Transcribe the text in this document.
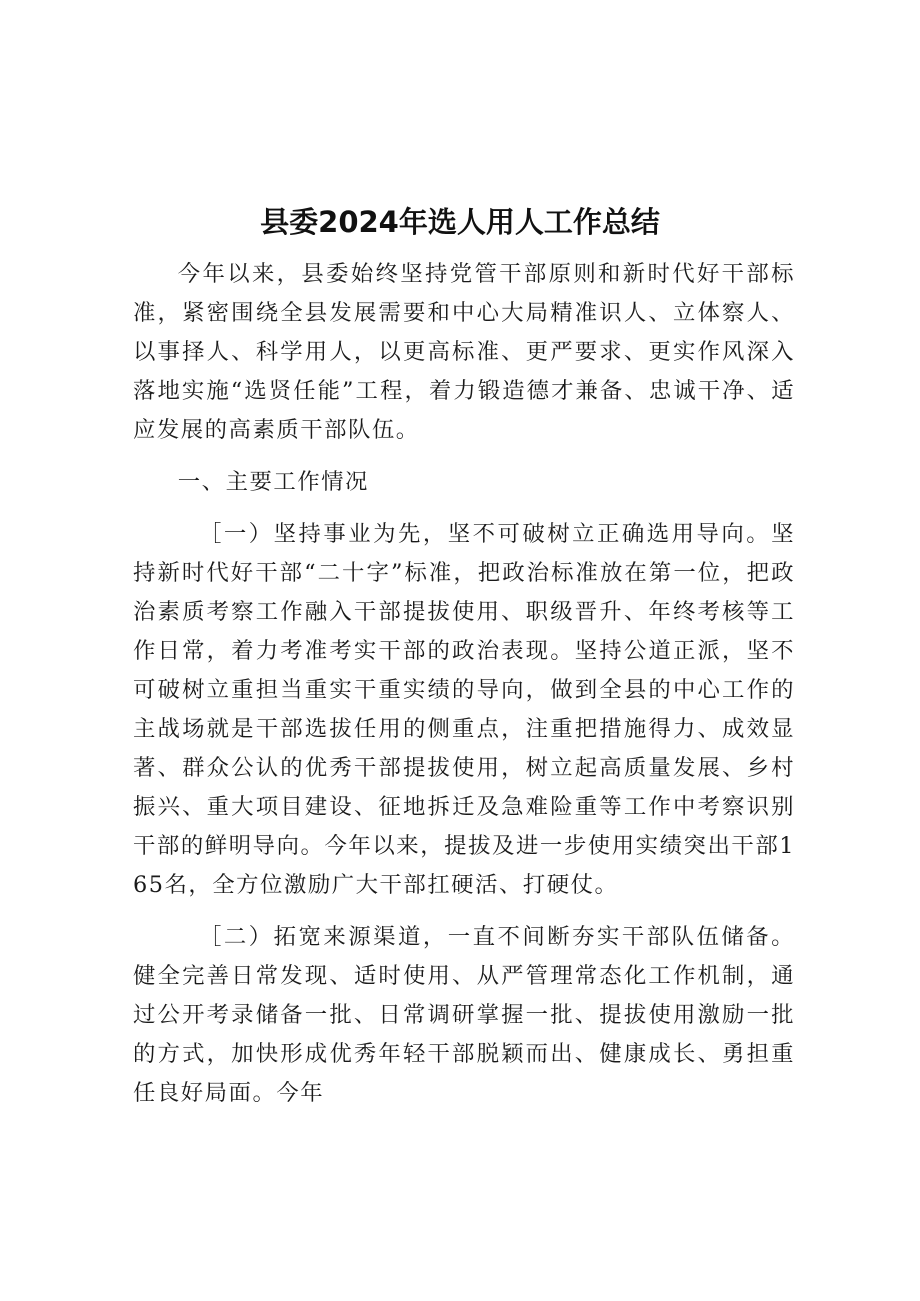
县委2024年选人用人工作总结

今年以来，县委始终坚持党管干部原则和新时代好干部标准，紧密围绕全县发展需要和中心大局精准识人、立体察人、以事择人、科学用人，以更高标准、更严要求、更实作风深入落地实施“选贤任能”工程，着力锻造德才兼备、忠诚干净、适应发展的高素质干部队伍。

一、主要工作情况

［一）坚持事业为先，坚不可破树立正确选用导向。坚持新时代好干部“二十字”标准，把政治标准放在第一位，把政治素质考察工作融入干部提拔使用、职级晋升、年终考核等工作日常，着力考准考实干部的政治表现。坚持公道正派，坚不可破树立重担当重实干重实绩的导向，做到全县的中心工作的主战场就是干部选拔任用的侧重点，注重把措施得力、成效显著、群众公认的优秀干部提拔使用，树立起高质量发展、乡村振兴、重大项目建设、征地拆迁及急难险重等工作中考察识别干部的鲜明导向。今年以来，提拔及进一步使用实绩突出干部165名，全方位激励广大干部扛硬活、打硬仗。

［二）拓宽来源渠道，一直不间断夯实干部队伍储备。健全完善日常发现、适时使用、从严管理常态化工作机制，通过公开考录储备一批、日常调研掌握一批、提拔使用激励一批的方式，加快形成优秀年轻干部脱颖而出、健康成长、勇担重任良好局面。今年
